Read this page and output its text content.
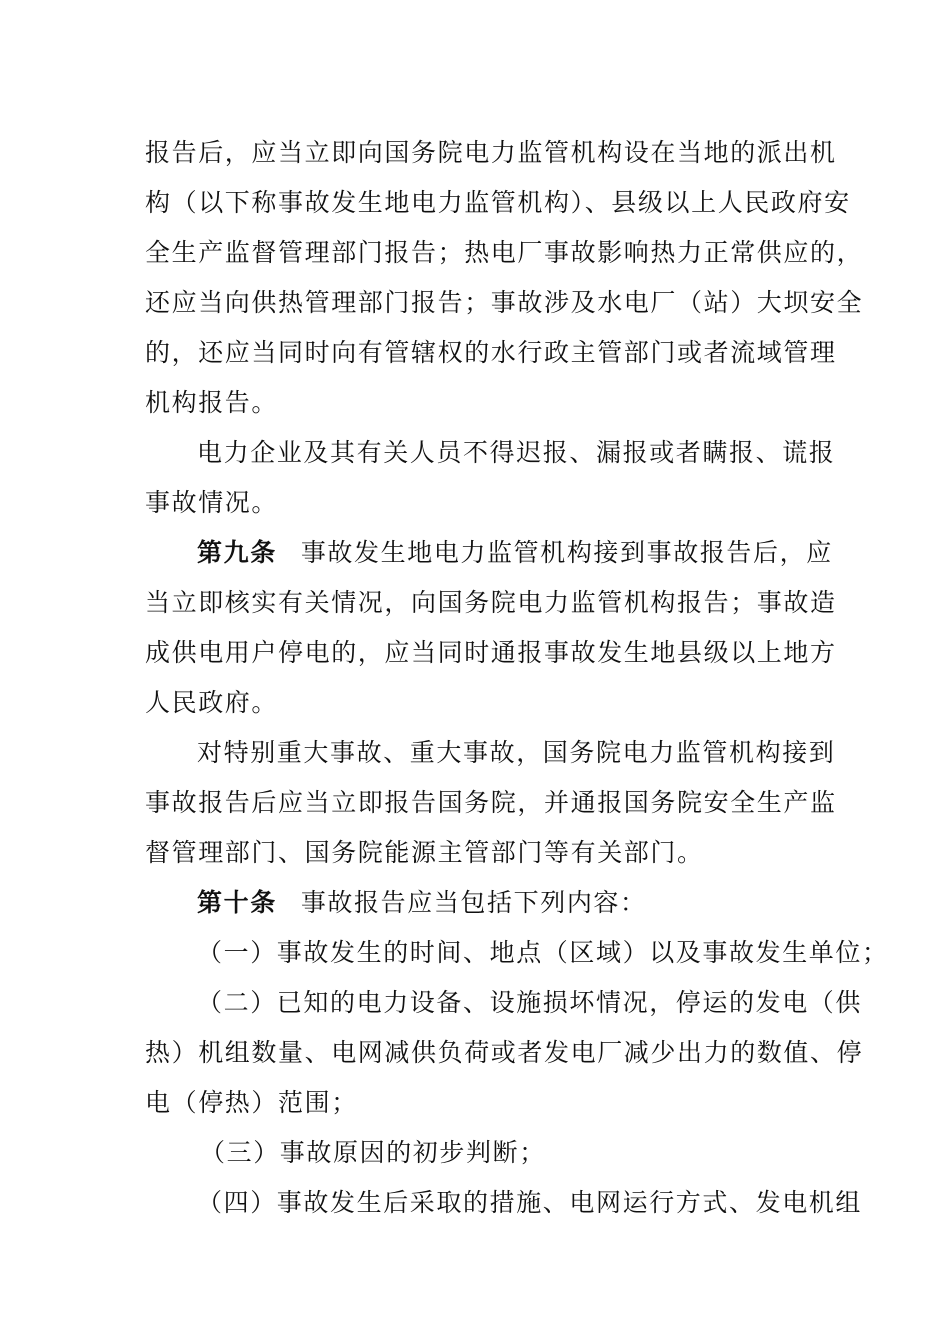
报告后，应当立即向国务院电力监管机构设在当地的派出机
构（以下称事故发生地电力监管机构）、县级以上人民政府安
全生产监督管理部门报告；热电厂事故影响热力正常供应的，
还应当向供热管理部门报告；事故涉及水电厂（站）大坝安全
的，还应当同时向有管辖权的水行政主管部门或者流域管理
机构报告。
电力企业及其有关人员不得迟报、漏报或者瞒报、谎报
事故情况。
第九条 事故发生地电力监管机构接到事故报告后，应
当立即核实有关情况，向国务院电力监管机构报告；事故造
成供电用户停电的，应当同时通报事故发生地县级以上地方
人民政府。
对特别重大事故、重大事故，国务院电力监管机构接到
事故报告后应当立即报告国务院，并通报国务院安全生产监
督管理部门、国务院能源主管部门等有关部门。
第十条 事故报告应当包括下列内容：
（一）事故发生的时间、地点（区域）以及事故发生单位；
（二）已知的电力设备、设施损坏情况，停运的发电（供
热）机组数量、电网减供负荷或者发电厂减少出力的数值、停
电（停热）范围；
（三）事故原因的初步判断；
（四）事故发生后采取的措施、电网运行方式、发电机组
